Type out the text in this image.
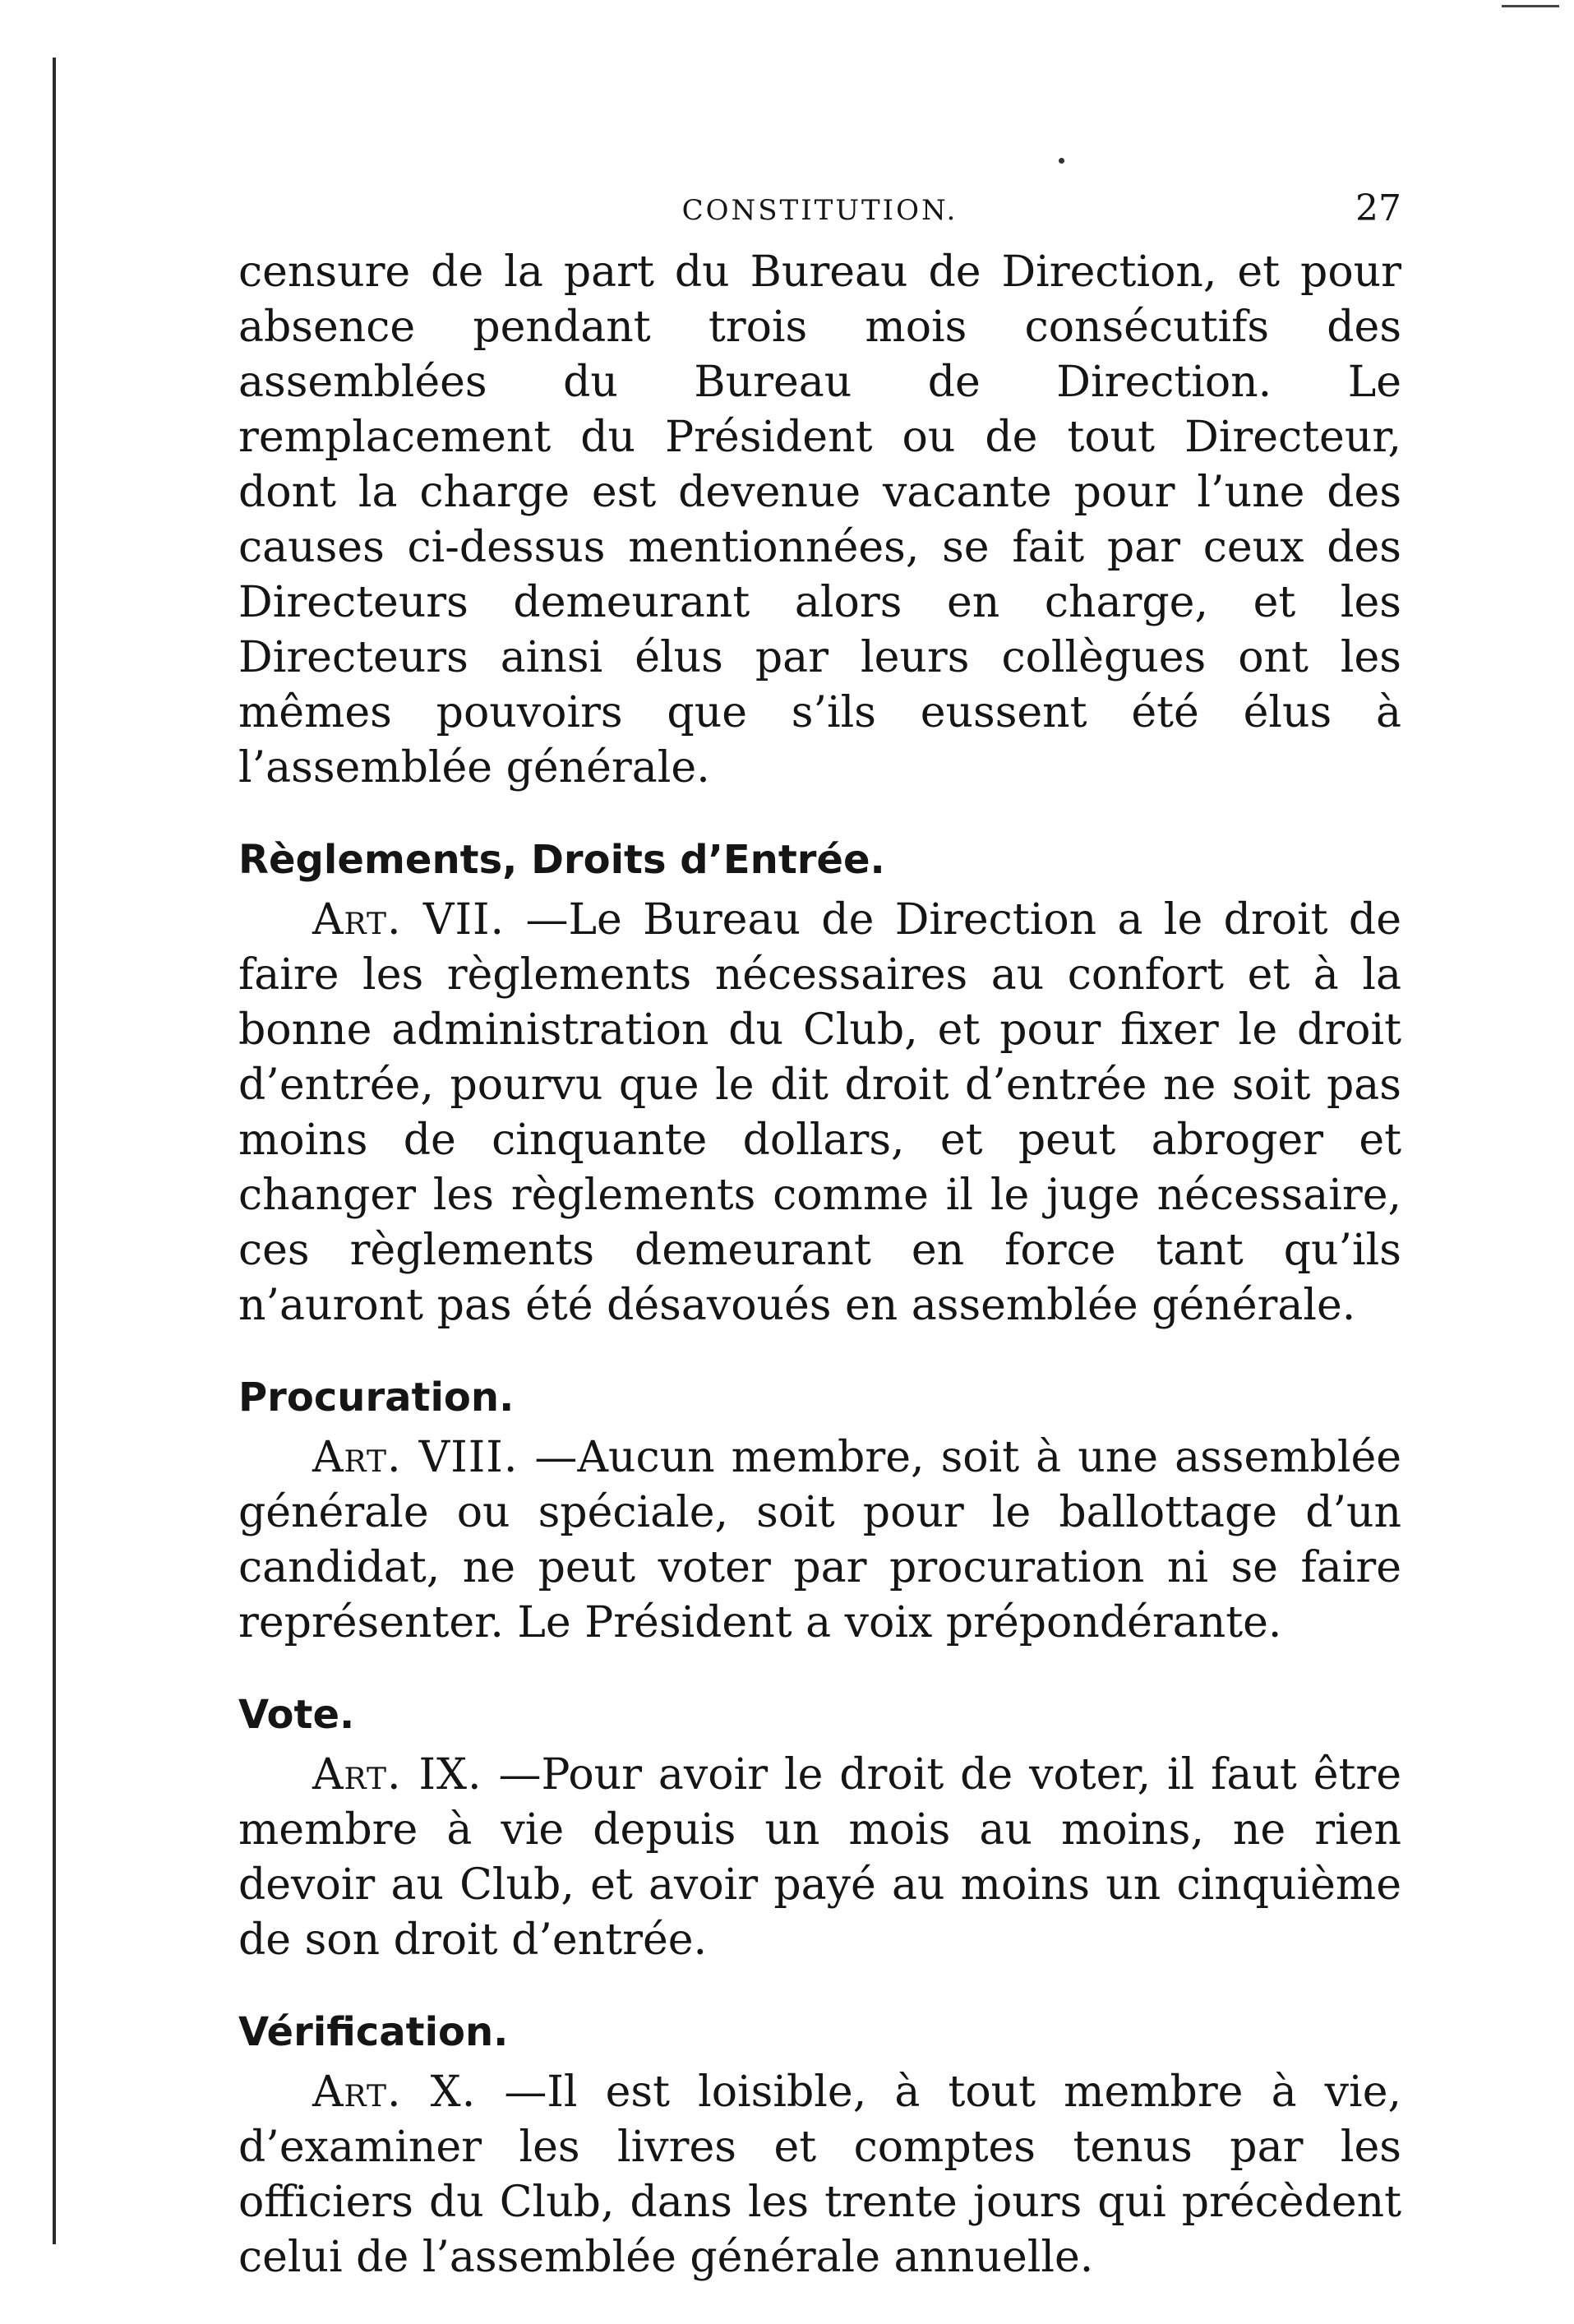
CONSTITUTION.	27

censure de la part du Bureau de Direction, et pour absence pendant trois mois consécutifs des assemblées du Bureau de Direction. Le remplacement du Président ou de tout Directeur, dont la charge est devenue vacante pour l’une des causes ci-dessus mentionnées, se fait par ceux des Directeurs demeurant alors en charge, et les Directeurs ainsi élus par leurs collègues ont les mêmes pouvoirs que s’ils eussent été élus à l’assemblée générale.

Règlements, Droits d’Entrée.

Art. VII. —Le Bureau de Direction a le droit de faire les règlements nécessaires au confort et à la bonne administration du Club, et pour fixer le droit d’entrée, pourvu que le dit droit d’entrée ne soit pas moins de cinquante dollars, et peut abroger et changer les règlements comme il le juge nécessaire, ces règlements demeurant en force tant qu’ils n’auront pas été désavoués en assemblée générale.

Procuration.

Art. VIII. —Aucun membre, soit à une assemblée générale ou spéciale, soit pour le ballottage d’un candidat, ne peut voter par procuration ni se faire représenter. Le Président a voix prépondérante.

Vote.

Art. IX. —Pour avoir le droit de voter, il faut être membre à vie depuis un mois au moins, ne rien devoir au Club, et avoir payé au moins un cinquième de son droit d’entrée.

Vérification.

Art. X. —Il est loisible, à tout membre à vie, d’examiner les livres et comptes tenus par les officiers du Club, dans les trente jours qui précèdent celui de l’assemblée générale annuelle.
